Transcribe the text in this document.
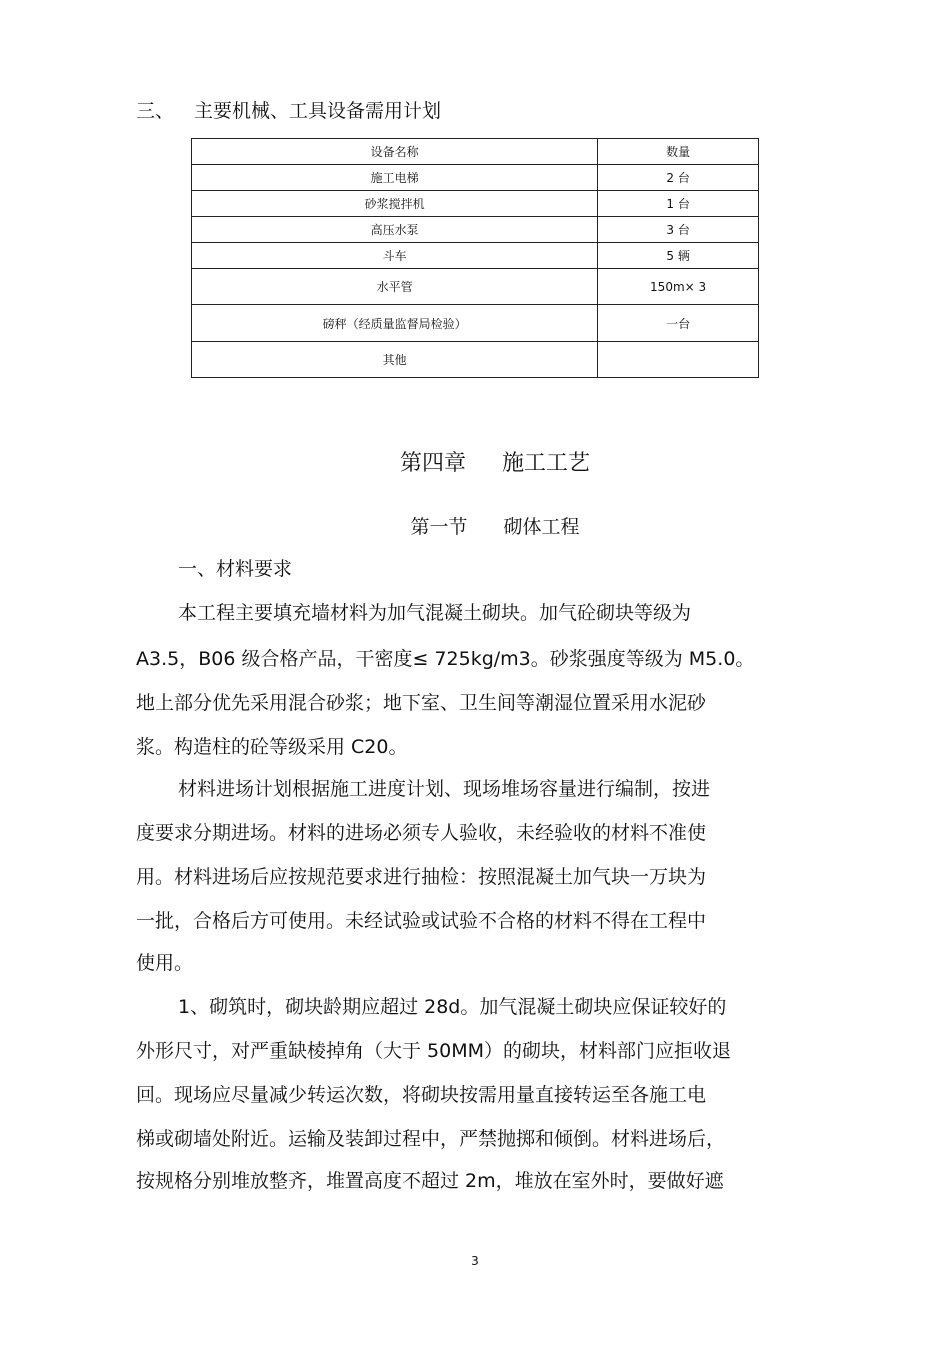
三、 主要机械、工具设备需用计划
设备名称	数量
施工电梯	2 台
砂浆搅拌机	1 台
高压水泵	3 台
斗车	5 辆
水平管	150m× 3
磅秤（经质量监督局检验）	一台
其他	
第四章 施工工艺
第一节 砌体工程
一、材料要求
本工程主要填充墙材料为加气混凝土砌块。加气砼砌块等级为
A3.5，B06 级合格产品，干密度≤ 725kg/m3。砂浆强度等级为 M5.0。
地上部分优先采用混合砂浆；地下室、卫生间等潮湿位置采用水泥砂
浆。构造柱的砼等级采用 C20。
材料进场计划根据施工进度计划、现场堆场容量进行编制，按进
度要求分期进场。材料的进场必须专人验收，未经验收的材料不准使
用。材料进场后应按规范要求进行抽检：按照混凝土加气块一万块为
一批，合格后方可使用。未经试验或试验不合格的材料不得在工程中
使用。
1、砌筑时，砌块龄期应超过 28d。加气混凝土砌块应保证较好的
外形尺寸，对严重缺棱掉角（大于 50MM）的砌块，材料部门应拒收退
回。现场应尽量减少转运次数，将砌块按需用量直接转运至各施工电
梯或砌墙处附近。运输及装卸过程中，严禁抛掷和倾倒。材料进场后，
按规格分别堆放整齐，堆置高度不超过 2m，堆放在室外时，要做好遮
3
